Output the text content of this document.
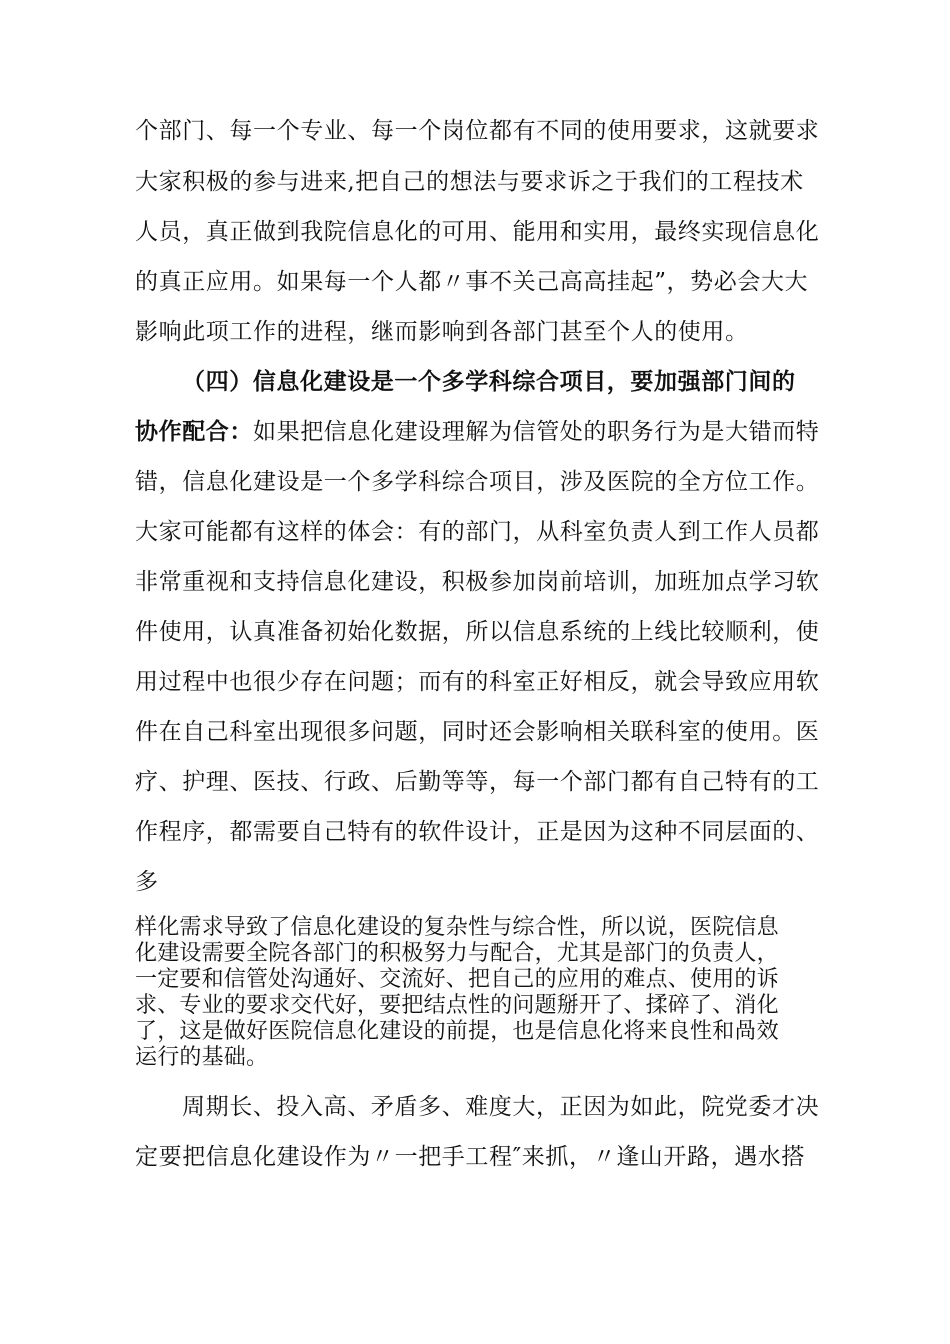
个部门、每一个专业、每一个岗位都有不同的使用要求，这就要求
大家积极的参与进来,把自己的想法与要求诉之于我们的工程技术
人员，真正做到我院信息化的可用、能用和实用，最终实现信息化
的真正应用。如果每一个人都〃事不关己高高挂起”，势必会大大
影响此项工作的进程，继而影响到各部门甚至个人的使用。
（四）信息化建设是一个多学科综合项目，要加强部门间的
协作配合：如果把信息化建设理解为信管处的职务行为是大错而特
错，信息化建设是一个多学科综合项目，涉及医院的全方位工作。
大家可能都有这样的体会：有的部门，从科室负责人到工作人员都
非常重视和支持信息化建设，积极参加岗前培训，加班加点学习软
件使用，认真准备初始化数据，所以信息系统的上线比较顺利，使
用过程中也很少存在问题；而有的科室正好相反，就会导致应用软
件在自己科室出现很多问题，同时还会影响相关联科室的使用。医
疗、护理、医技、行政、后勤等等，每一个部门都有自己特有的工
作程序，都需要自己特有的软件设计，正是因为这种不同层面的、
多
样化需求导致了信息化建设的复杂性与综合性，所以说，医院信息
化建设需要全院各部门的积极努力与配合，尤其是部门的负责人，
一定要和信管处沟通好、交流好、把自己的应用的难点、使用的诉
求、专业的要求交代好，要把结点性的问题掰开了、揉碎了、消化
了，这是做好医院信息化建设的前提，也是信息化将来良性和咼效
运行的基础。
周期长、投入高、矛盾多、难度大，正因为如此，院党委才决
定要把信息化建设作为〃一把手工程″来抓，〃逢山开路，遇水搭
